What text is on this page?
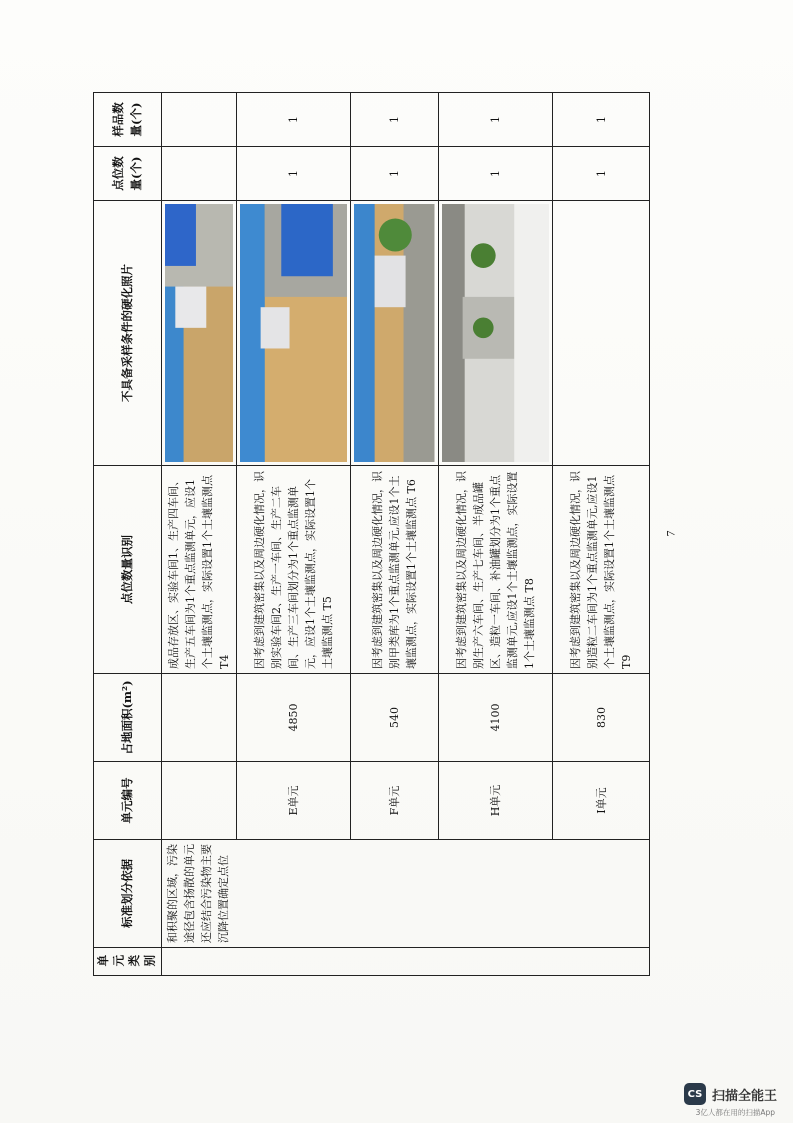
单元类别	标准划分依据	单元编号	占地面积(m²)	点位数量识别	不具备采样条件的硬化照片	点位数量(个)	样品数量(个)
	和积聚的区域，污染途径包含扬散的单元还应结合污染物主要沉降位置确定点位			成品存放区、实验车间1、生产四车间、生产五车间为1个重点监测单元，应设1个土壤监测点，实际设置1个土壤监测点 T4	

		E单元	4850	因考虑到建筑密集以及周边硬化情况，识别实验车间2、生产一车间、生产二车间、生产三车间划分为1个重点监测单元，应设1个土壤监测点，实际设置1个土壤监测点 T5		1	1
		F单元	540	因考虑到建筑密集以及周边硬化情况，识别甲类库为1个重点监测单元,应设1个土壤监测点，实际设置1个土壤监测点 T6		1	1
		H单元	4100	因考虑到建筑密集以及周边硬化情况，识别生产六车间、生产七车间、半成品罐区、造粒一车间、补油罐划分为1个重点监测单元,应设1个土壤监测点，实际设置1个土壤监测点 T8		1	1
		I单元	830	因考虑到建筑密集以及周边硬化情况，识别造粒二车间为1个重点监测单元,应设1个土壤监测点，实际设置1个土壤监测点 T9		1	1
7
CS 扫描全能王
3亿人都在用的扫描App
